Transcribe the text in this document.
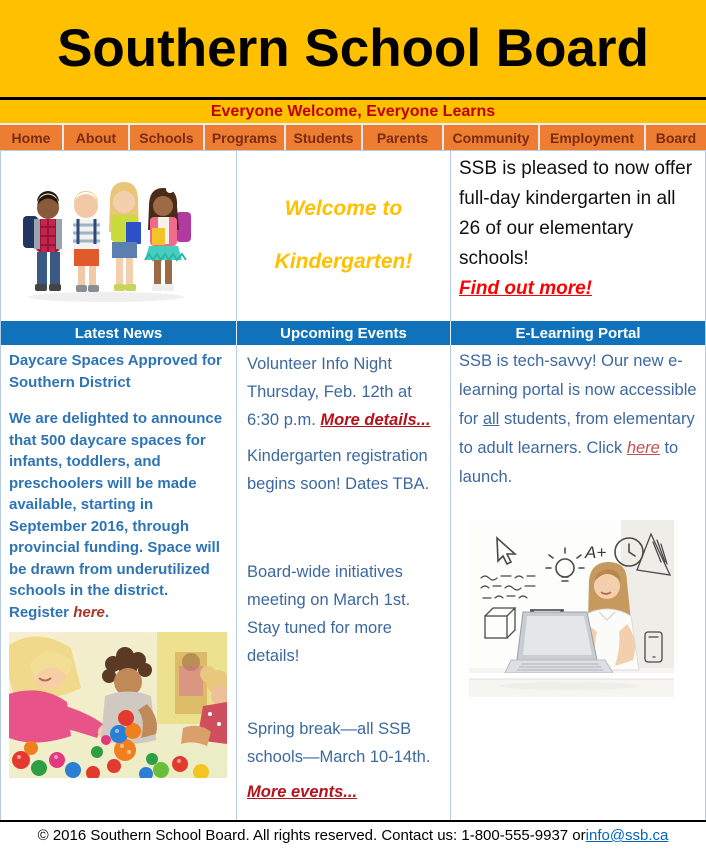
Southern School Board
Everyone Welcome, Everyone Learns
Home	About	Schools	Programs	Students	Parents	Community	Employment	Board
Welcome to
Kindergarten!
SSB is pleased to now offer full-day kindergarten in all 26 of our elementary schools!
Find out more!
Latest News	Upcoming Events	E-Learning Portal
Daycare Spaces Approved for Southern District
We are delighted to announce that 500 daycare spaces for infants, toddlers, and preschoolers will be made available, starting in September 2016, through provincial funding. Space will be drawn from underutilized schools in the district. Register here.

Volunteer Info Night Thursday, Feb. 12th at 6:30 p.m. More details...

Kindergarten registration begins soon! Dates TBA.

Board-wide initiatives meeting on March 1st. Stay tuned for more details!

Spring break—all SSB schools—March 10-14th.

More events...

SSB is tech-savvy! Our new e-learning portal is now accessible for all students, from elementary to adult learners. Click here to launch.

A+
© 2016 Southern School Board. All rights reserved. Contact us: 1-800-555-9937 or info@ssb.ca
